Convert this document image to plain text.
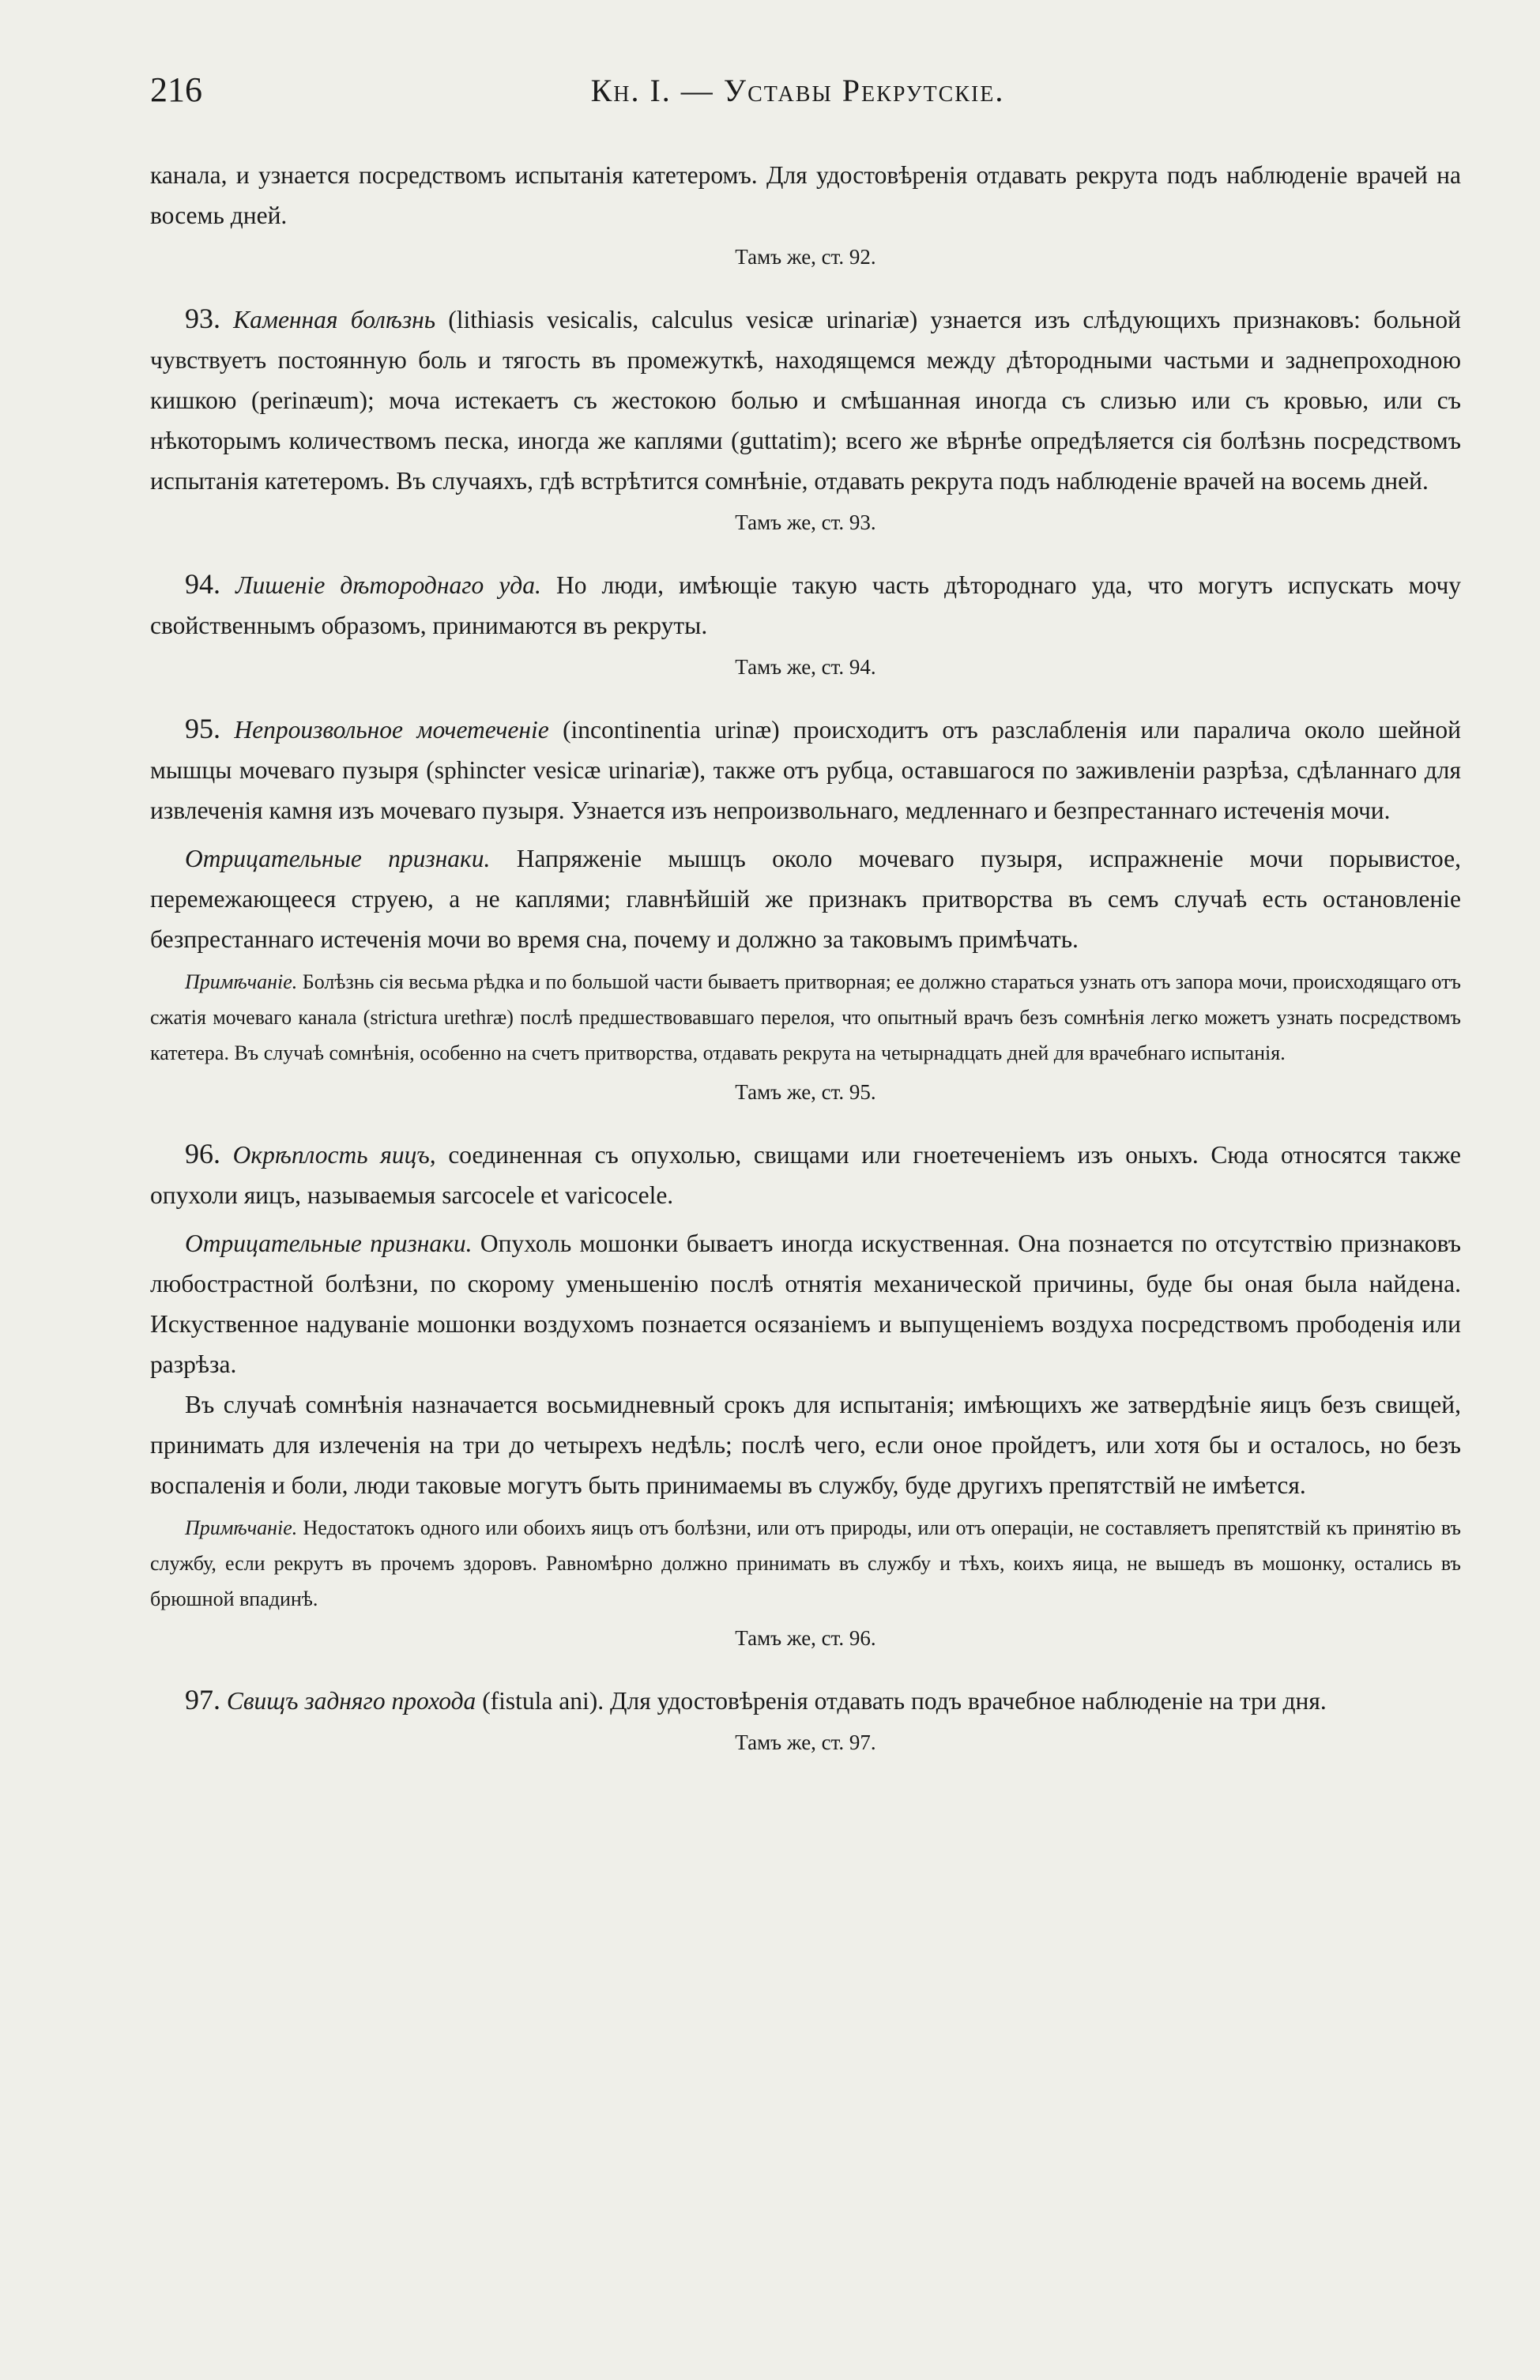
216	Кн. I. — Уставы Рекрутскіе.

канала, и узнается посредствомъ испытанія катетеромъ. Для удостовѣренія отдавать рекрута подъ наблюденіе врачей на восемь дней.

Тамъ же, ст. 92.

93. Каменная болѣзнь (lithiasis vesicalis, calculus vesicæ urinariæ) узнается изъ слѣдующихъ признаковъ: больной чувствуетъ постоянную боль и тягость въ промежуткѣ, находящемся между дѣтородными частьми и заднепроходною кишкою (perinæum); моча истекаетъ съ жестокою болью и смѣшанная иногда съ слизью или съ кровью, или съ нѣкоторымъ количествомъ песка, иногда же каплями (guttatim); всего же вѣрнѣе опредѣляется сія болѣзнь посредствомъ испытанія катетеромъ. Въ случаяхъ, гдѣ встрѣтится сомнѣніе, отдавать рекрута подъ наблюденіе врачей на восемь дней.

Тамъ же, ст. 93.

94. Лишеніе дѣтороднаго уда. Но люди, имѣющіе такую часть дѣтороднаго уда, что могутъ испускать мочу свойственнымъ образомъ, принимаются въ рекруты.

Тамъ же, ст. 94.

95. Непроизвольное мочетеченіе (incontinentia urinæ) происходитъ отъ разслабленія или паралича около шейной мышцы мочеваго пузыря (sphincter vesicæ urinariæ), также отъ рубца, оставшагося по заживленіи разрѣза, сдѣланнаго для извлеченія камня изъ мочеваго пузыря. Узнается изъ непроизвольнаго, медленнаго и безпрестаннаго истеченія мочи.

Отрицательные признаки. Напряженіе мышцъ около мочеваго пузыря, испражненіе мочи порывистое, перемежающееся струею, а не каплями; главнѣйшій же признакъ притворства въ семъ случаѣ есть остановленіе безпрестаннаго истеченія мочи во время сна, почему и должно за таковымъ примѣчать.

Примѣчаніе. Болѣзнь сія весьма рѣдка и по большой части бываетъ притворная; ее должно стараться узнать отъ запора мочи, происходящаго отъ сжатія мочеваго канала (strictura urethræ) послѣ предшествовавшаго перелоя, что опытный врачъ безъ сомнѣнія легко можетъ узнать посредствомъ катетера. Въ случаѣ сомнѣнія, особенно на счетъ притворства, отдавать рекрута на четырнадцать дней для врачебнаго испытанія.

Тамъ же, ст. 95.

96. Окрѣплость яицъ, соединенная съ опухолью, свищами или гноетеченіемъ изъ оныхъ. Сюда относятся также опухоли яицъ, называемыя sarcocele et varicocele.

Отрицательные признаки. Опухоль мошонки бываетъ иногда искуственная. Она познается по отсутствію признаковъ любострастной болѣзни, по скорому уменьшенію послѣ отнятія механической причины, буде бы оная была найдена. Искуственное надуваніе мошонки воздухомъ познается осязаніемъ и выпущеніемъ воздуха посредствомъ прободенія или разрѣза.

Въ случаѣ сомнѣнія назначается восьмидневный срокъ для испытанія; имѣющихъ же затвердѣніе яицъ безъ свищей, принимать для излеченія на три до четырехъ недѣль; послѣ чего, если оное пройдетъ, или хотя бы и осталось, но безъ воспаленія и боли, люди таковые могутъ быть принимаемы въ службу, буде другихъ препятствій не имѣется.

Примѣчаніе. Недостатокъ одного или обоихъ яицъ отъ болѣзни, или отъ природы, или отъ операціи, не составляетъ препятствій къ принятію въ службу, если рекрутъ въ прочемъ здоровъ. Равномѣрно должно принимать въ службу и тѣхъ, коихъ яица, не вышедъ въ мошонку, остались въ брюшной впадинѣ.

Тамъ же, ст. 96.

97. Свищъ задняго прохода (fistula ani). Для удостовѣренія отдавать подъ врачебное наблюденіе на три дня.

Тамъ же, ст. 97.
